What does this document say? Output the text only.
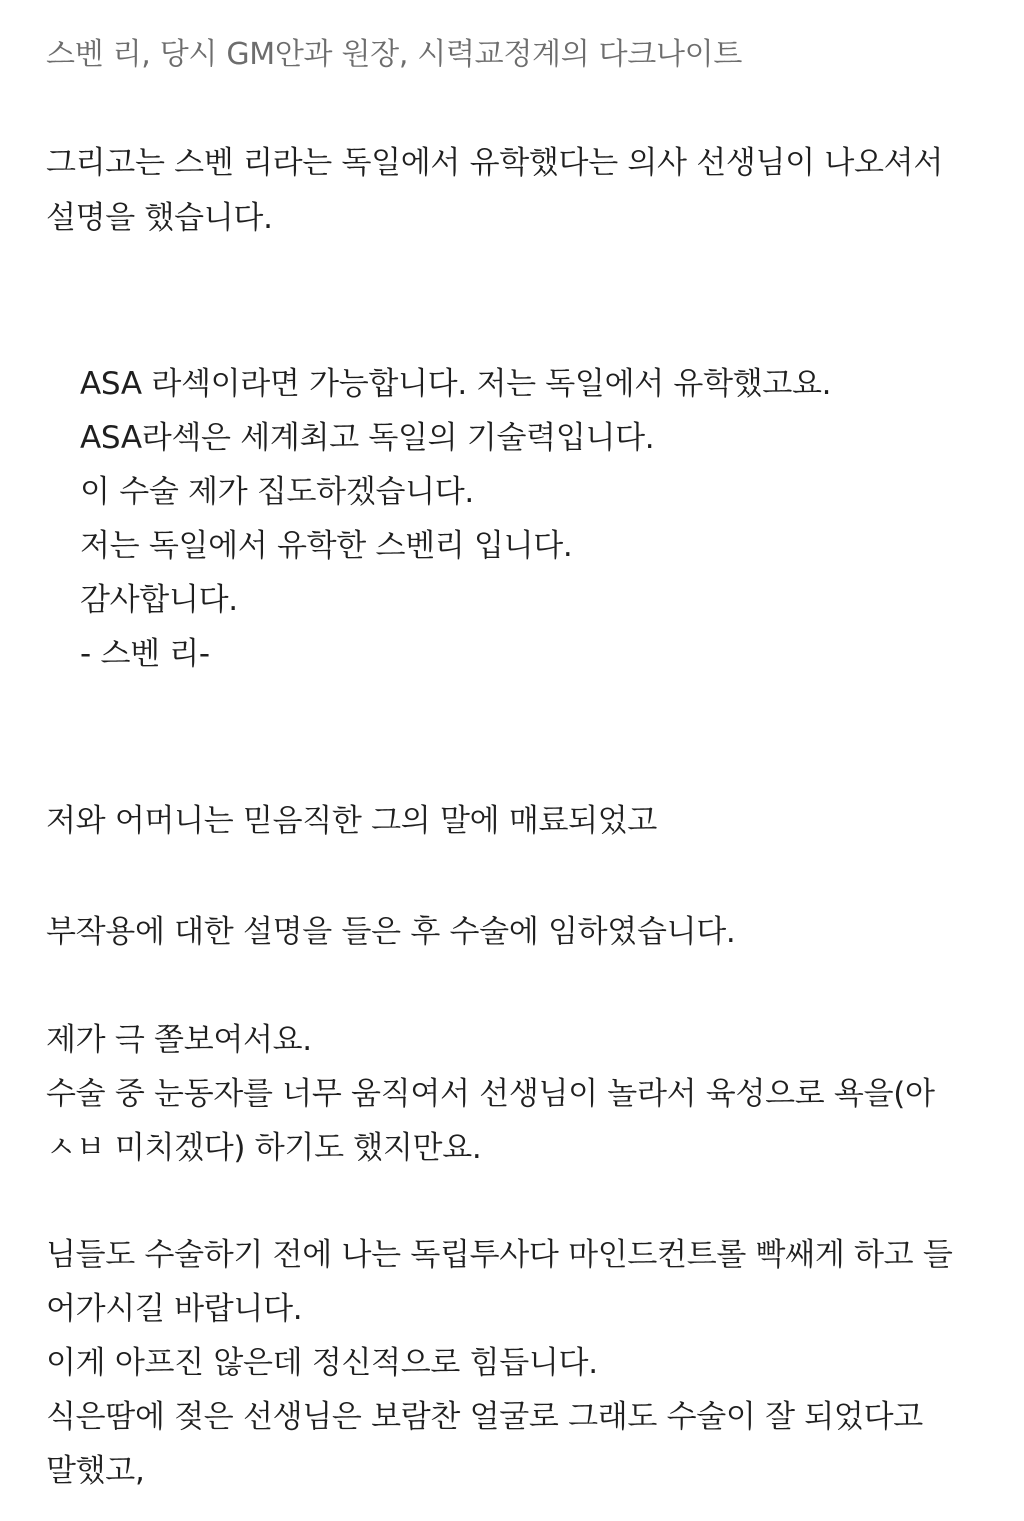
스벤 리, 당시 GM안과 원장, 시력교정계의 다크나이트
그리고는 스벤 리라는 독일에서 유학했다는 의사 선생님이 나오셔서
설명을 했습니다.
ASA 라섹이라면 가능합니다. 저는 독일에서 유학했고요.
ASA라섹은 세계최고 독일의 기술력입니다.
이 수술 제가 집도하겠습니다.
저는 독일에서 유학한 스벤리 입니다.
감사합니다.
- 스벤 리-
저와 어머니는 믿음직한 그의 말에 매료되었고
부작용에 대한 설명을 들은 후 수술에 임하였습니다.
제가 극 쫄보여서요.
수술 중 눈동자를 너무 움직여서 선생님이 놀라서 육성으로 욕을(아
ㅅㅂ 미치겠다) 하기도 했지만요.
님들도 수술하기 전에 나는 독립투사다 마인드컨트롤 빡쌔게 하고 들
어가시길 바랍니다.
이게 아프진 않은데 정신적으로 힘듭니다.
식은땀에 젖은 선생님은 보람찬 얼굴로 그래도 수술이 잘 되었다고
말했고,
